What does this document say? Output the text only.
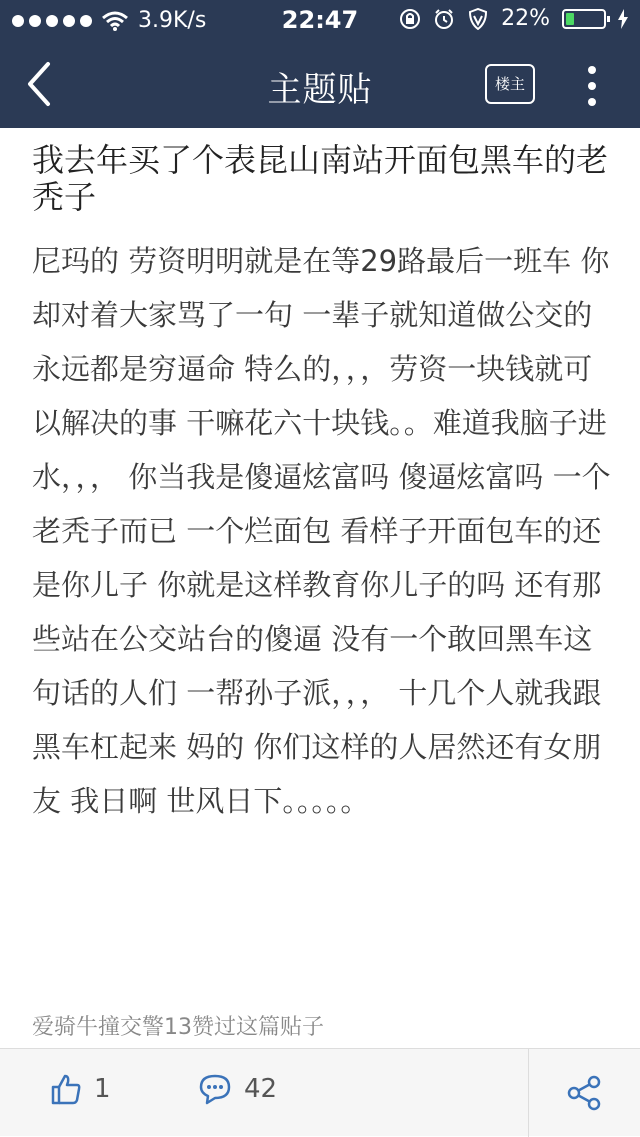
3.9K/s	22:47	22%
主题贴	楼主
我去年买了个表昆山南站开面包黑车的老秃子
尼玛的 劳资明明就是在等29路最后一班车 你却对着大家骂了一句 一辈子就知道做公交的永远都是穷逼命 特么的，，，劳资一块钱就可以解决的事 干嘛花六十块钱。。难道我脑子进水，，， 你当我是傻逼炫富吗 傻逼炫富吗 一个老秃子而已 一个烂面包 看样子开面包车的还是你儿子 你就是这样教育你儿子的吗 还有那些站在公交站台的傻逼 没有一个敢回黑车这句话的人们 一帮孙子派，，， 十几个人就我跟黑车杠起来 妈的 你们这样的人居然还有女朋友 我日啊 世风日下。。。。。
爱骑牛撞交警13赞过这篇贴子
1	42
